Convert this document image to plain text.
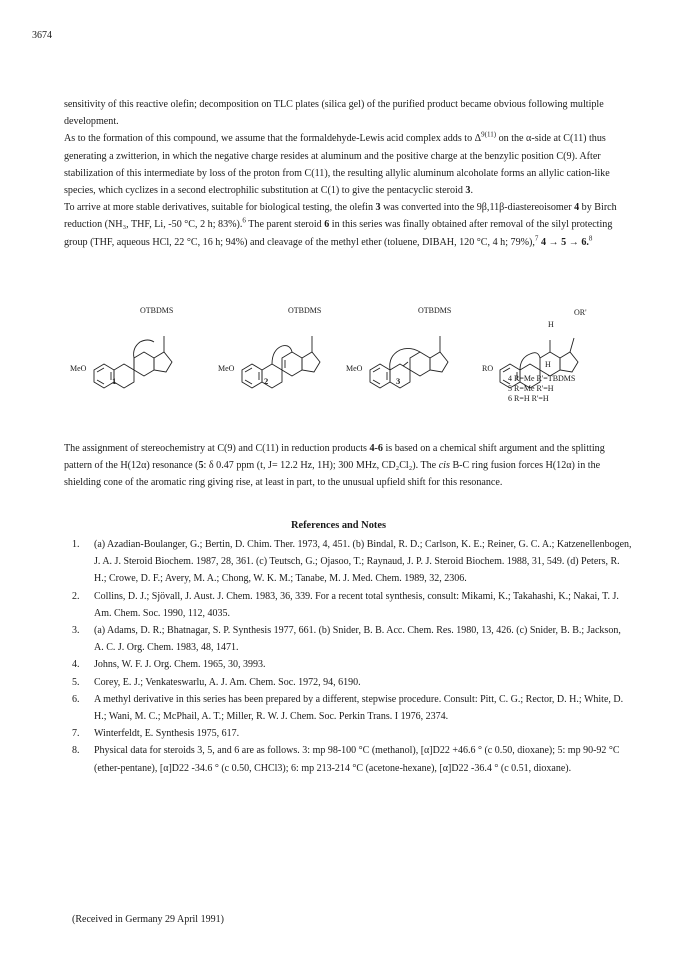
3674

sensitivity of this reactive olefin; decomposition on TLC plates (silica gel) of the purified product became obvious following multiple development.

As to the formation of this compound, we assume that the formaldehyde-Lewis acid complex adds to $\Delta^{9(11)}$ on the α-side at C(11) thus generating a zwitterion, in which the negative charge resides at aluminum and the positive charge at the benzylic position C(9). After stabilization of this intermediate by loss of the proton from C(11), the resulting allylic aluminum alcoholate forms an allylic cation-like species, which cyclizes in a second electrophilic substitution at C(1) to give the pentacyclic steroid 3.

To arrive at more stable derivatives, suitable for biological testing, the olefin 3 was converted into the 9β,11β-diastereoisomer 4 by Birch reduction (NH₃, THF, Li, -50 °C, 2 h; 83%).$^6$ The parent steroid 6 in this series was finally obtained after removal of the silyl protecting group (THF, aqueous HCl, 22 °C, 16 h; 94%) and cleavage of the methyl ether (toluene, DIBAH, 120 °C, 4 h; 79%),$^7$ 4 → 5 → 6.$^8$

OTBDMS	OTBDMS	OTBDMS
H
OR'
MeO	MeO	MeO	RO	H
1	2	3	4 R=Me R'=TBDMS
5 R=Me R'=H
6 R=H R'=H

The assignment of stereochemistry at C(9) and C(11) in reduction products 4-6 is based on a chemical shift argument and the splitting pattern of the H(12α) resonance (5: δ 0.47 ppm (t, J= 12.2 Hz, 1H); 300 MHz, CD₂Cl₂). The cis B-C ring fusion forces H(12α) in the shielding cone of the aromatic ring giving rise, at least in part, to the unusual upfield shift for this resonance.

References and Notes
1.	(a) Azadian-Boulanger, G.; Bertin, D. Chim. Ther. 1973, 4, 451. (b) Bindal, R. D.; Carlson, K. E.; Reiner, G. C. A.; Katzenellenbogen, J. A. J. Steroid Biochem. 1987, 28, 361. (c) Teutsch, G.; Ojasoo, T.; Raynaud, J. P. J. Steroid Biochem. 1988, 31, 549. (d) Peters, R. H.; Crowe, D. F.; Avery, M. A.; Chong, W. K. M.; Tanabe, M. J. Med. Chem. 1989, 32, 2306.
2.	Collins, D. J.; Sjövall, J. Aust. J. Chem. 1983, 36, 339. For a recent total synthesis, consult: Mikami, K.; Takahashi, K.; Nakai, T. J. Am. Chem. Soc. 1990, 112, 4035.
3.	(a) Adams, D. R.; Bhatnagar, S. P. Synthesis 1977, 661. (b) Snider, B. B. Acc. Chem. Res. 1980, 13, 426. (c) Snider, B. B.; Jackson, A. C. J. Org. Chem. 1983, 48, 1471.
4.	Johns, W. F. J. Org. Chem. 1965, 30, 3993.
5.	Corey, E. J.; Venkateswarlu, A. J. Am. Chem. Soc. 1972, 94, 6190.
6.	A methyl derivative in this series has been prepared by a different, stepwise procedure. Consult: Pitt, C. G.; Rector, D. H.; White, D. H.; Wani, M. C.; McPhail, A. T.; Miller, R. W. J. Chem. Soc. Perkin Trans. I 1976, 2374.
7.	Winterfeldt, E. Synthesis 1975, 617.
8.	Physical data for steroids 3, 5, and 6 are as follows. 3: mp 98-100 °C (methanol), [α]D22 +46.6 ° (c 0.50, dioxane); 5: mp 90-92 °C (ether-pentane), [α]D22 -34.6 ° (c 0.50, CHCl3); 6: mp 213-214 °C (acetone-hexane), [α]D22 -36.4 ° (c 0.51, dioxane).
(Received in Germany 29 April 1991)
